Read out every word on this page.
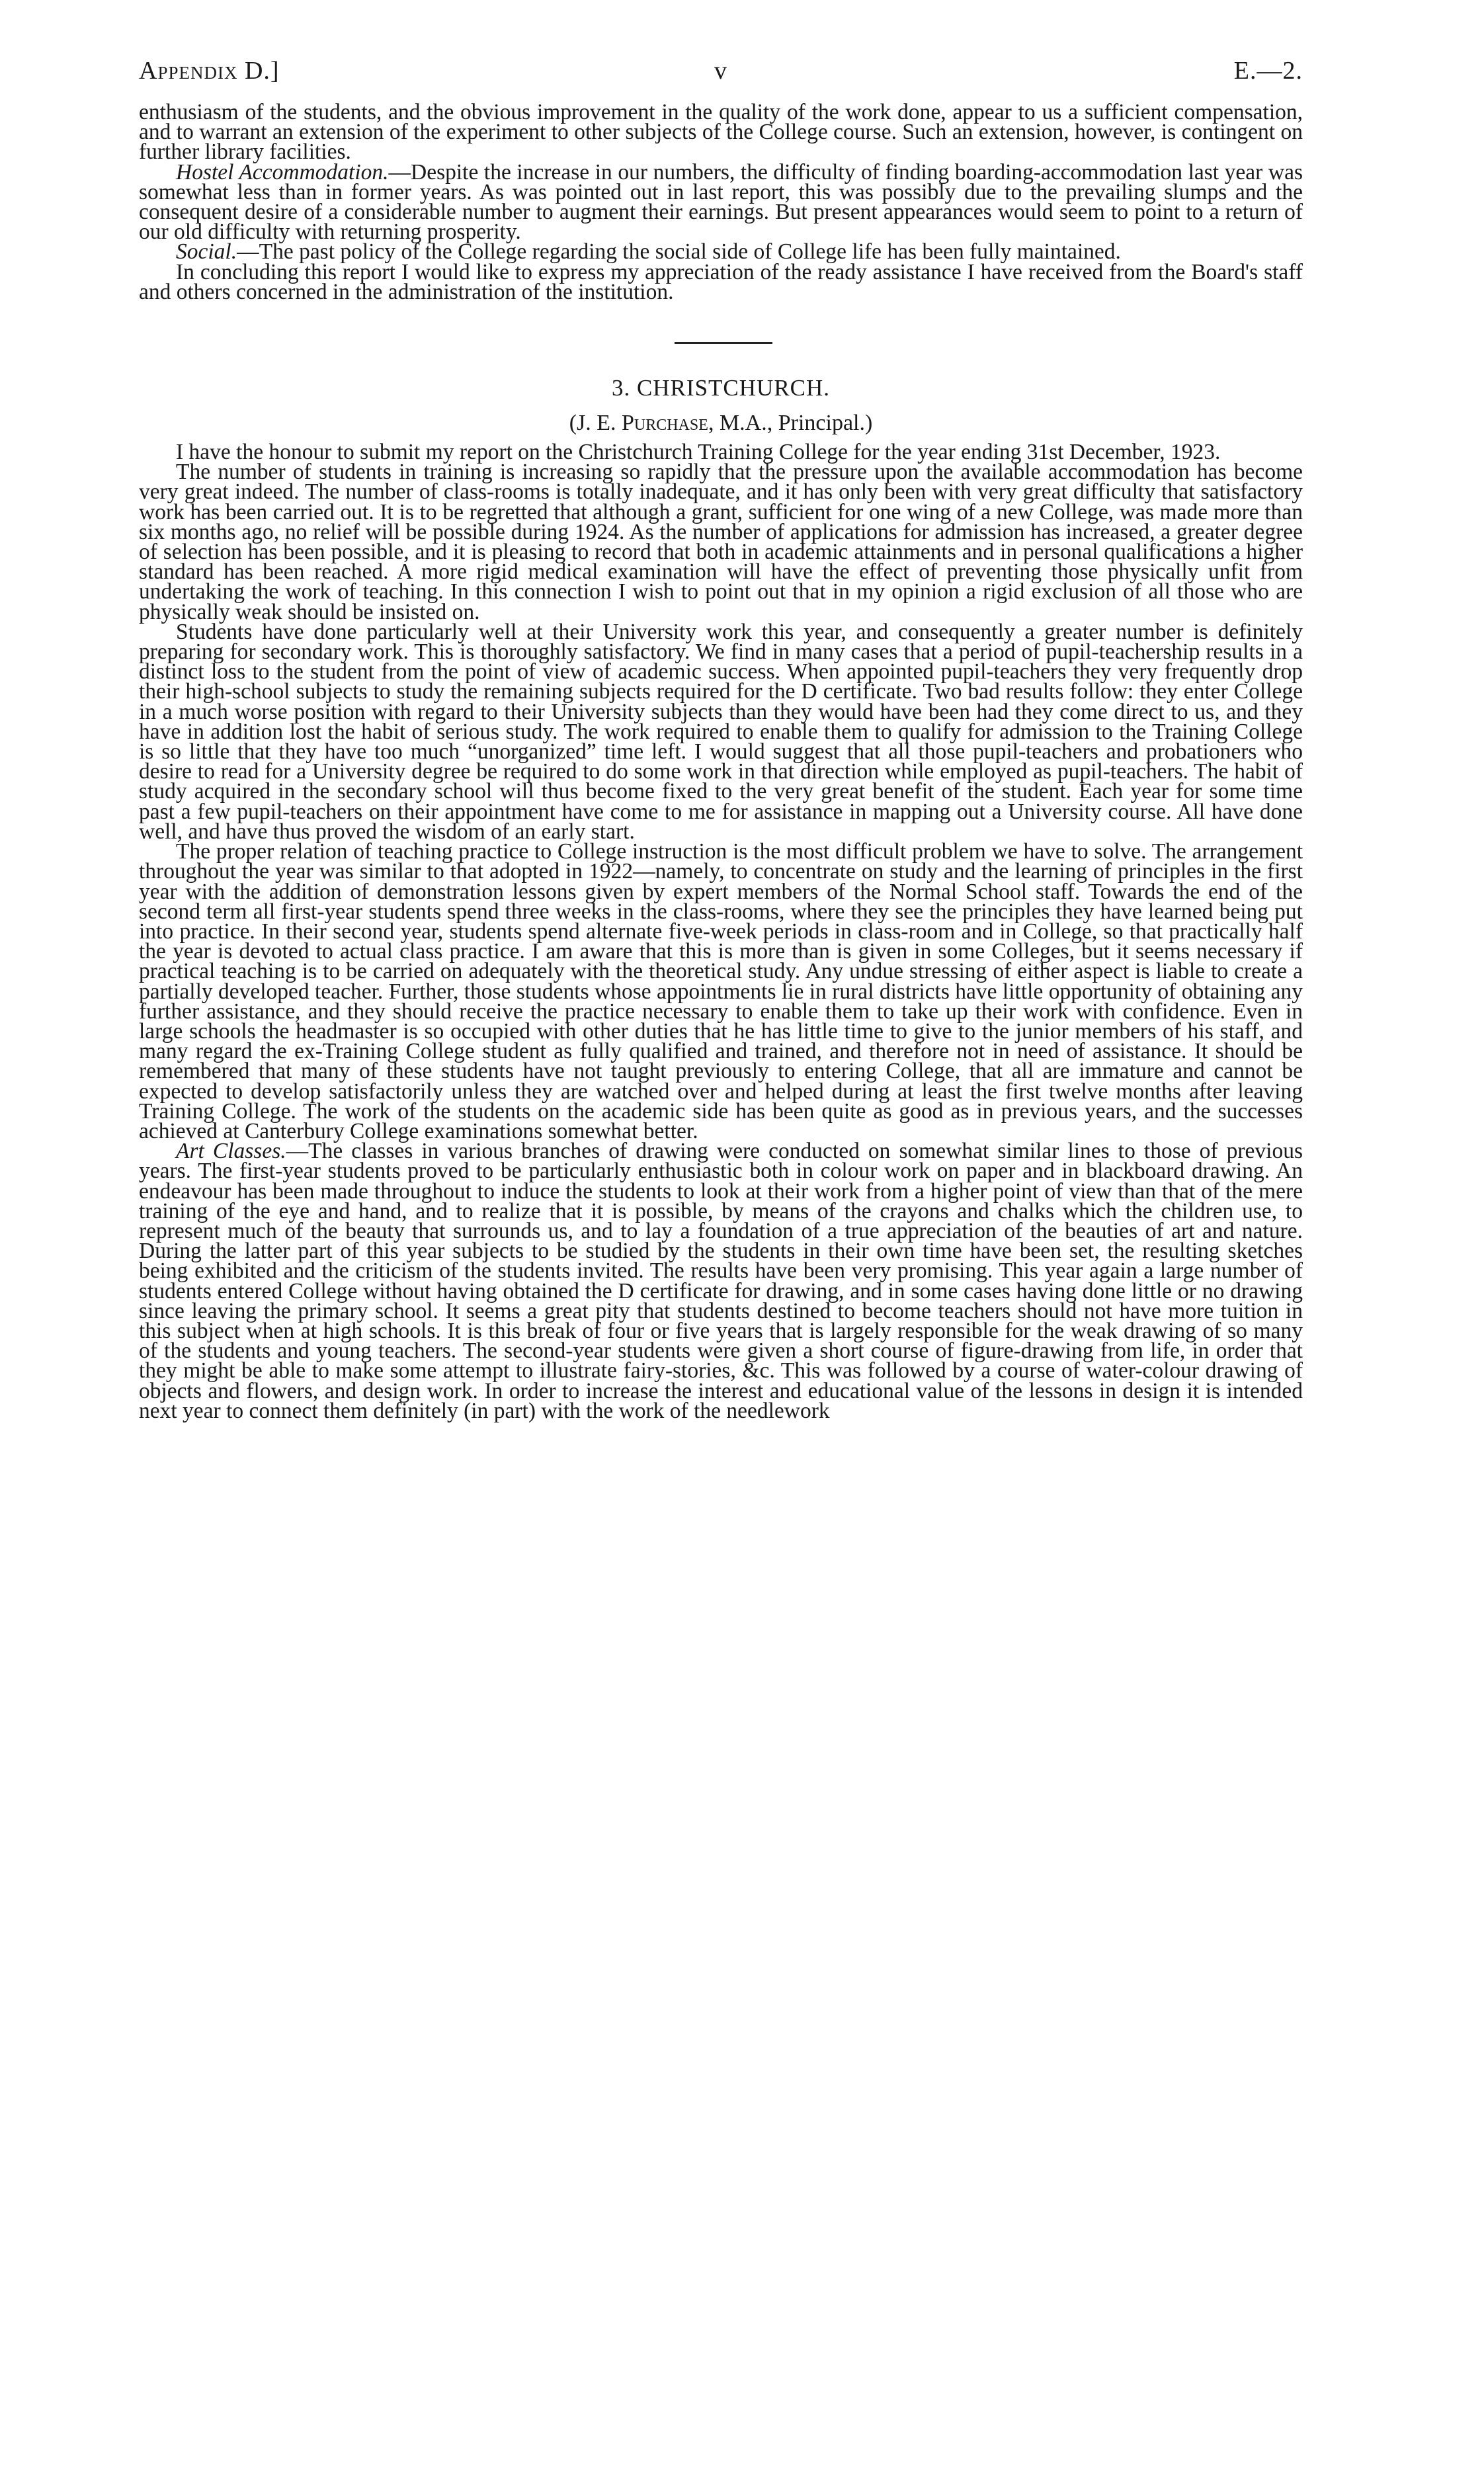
Appendix D.]	v	E.—2.

enthusiasm of the students, and the obvious improvement in the quality of the work done, appear to us a sufficient compensation, and to warrant an extension of the experiment to other subjects of the College course. Such an extension, however, is contingent on further library facilities.

Hostel Accommodation.—Despite the increase in our numbers, the difficulty of finding boarding-accommodation last year was somewhat less than in former years. As was pointed out in last report, this was possibly due to the prevailing slumps and the consequent desire of a considerable number to augment their earnings. But present appearances would seem to point to a return of our old difficulty with returning prosperity.

Social.—The past policy of the College regarding the social side of College life has been fully maintained.

In concluding this report I would like to express my appreciation of the ready assistance I have received from the Board's staff and others concerned in the administration of the institution.

3. CHRISTCHURCH.

(J. E. Purchase, M.A., Principal.)

I have the honour to submit my report on the Christchurch Training College for the year ending 31st December, 1923.

The number of students in training is increasing so rapidly that the pressure upon the available accommodation has become very great indeed. The number of class-rooms is totally inadequate, and it has only been with very great difficulty that satisfactory work has been carried out. It is to be regretted that although a grant, sufficient for one wing of a new College, was made more than six months ago, no relief will be possible during 1924. As the number of applications for admission has increased, a greater degree of selection has been possible, and it is pleasing to record that both in academic attainments and in personal qualifications a higher standard has been reached. A more rigid medical examination will have the effect of preventing those physically unfit from undertaking the work of teaching. In this connection I wish to point out that in my opinion a rigid exclusion of all those who are physically weak should be insisted on.

Students have done particularly well at their University work this year, and consequently a greater number is definitely preparing for secondary work. This is thoroughly satisfactory. We find in many cases that a period of pupil-teachership results in a distinct loss to the student from the point of view of academic success. When appointed pupil-teachers they very frequently drop their high-school subjects to study the remaining subjects required for the D certificate. Two bad results follow: they enter College in a much worse position with regard to their University subjects than they would have been had they come direct to us, and they have in addition lost the habit of serious study. The work required to enable them to qualify for admission to the Training College is so little that they have too much “unorganized” time left. I would suggest that all those pupil-teachers and probationers who desire to read for a University degree be required to do some work in that direction while employed as pupil-teachers. The habit of study acquired in the secondary school will thus become fixed to the very great benefit of the student. Each year for some time past a few pupil-teachers on their appointment have come to me for assistance in mapping out a University course. All have done well, and have thus proved the wisdom of an early start.

The proper relation of teaching practice to College instruction is the most difficult problem we have to solve. The arrangement throughout the year was similar to that adopted in 1922—namely, to concentrate on study and the learning of principles in the first year with the addition of demonstration lessons given by expert members of the Normal School staff. Towards the end of the second term all first-year students spend three weeks in the class-rooms, where they see the principles they have learned being put into practice. In their second year, students spend alternate five-week periods in class-room and in College, so that practically half the year is devoted to actual class practice. I am aware that this is more than is given in some Colleges, but it seems necessary if practical teaching is to be carried on adequately with the theoretical study. Any undue stressing of either aspect is liable to create a partially developed teacher. Further, those students whose appointments lie in rural districts have little opportunity of obtaining any further assistance, and they should receive the practice necessary to enable them to take up their work with confidence. Even in large schools the headmaster is so occupied with other duties that he has little time to give to the junior members of his staff, and many regard the ex-Training College student as fully qualified and trained, and therefore not in need of assistance. It should be remembered that many of these students have not taught previously to entering College, that all are immature and cannot be expected to develop satisfactorily unless they are watched over and helped during at least the first twelve months after leaving Training College. The work of the students on the academic side has been quite as good as in previous years, and the successes achieved at Canterbury College examinations somewhat better.

Art Classes.—The classes in various branches of drawing were conducted on somewhat similar lines to those of previous years. The first-year students proved to be particularly enthusiastic both in colour work on paper and in blackboard drawing. An endeavour has been made throughout to induce the students to look at their work from a higher point of view than that of the mere training of the eye and hand, and to realize that it is possible, by means of the crayons and chalks which the children use, to represent much of the beauty that surrounds us, and to lay a foundation of a true appreciation of the beauties of art and nature. During the latter part of this year subjects to be studied by the students in their own time have been set, the resulting sketches being exhibited and the criticism of the students invited. The results have been very promising. This year again a large number of students entered College without having obtained the D certificate for drawing, and in some cases having done little or no drawing since leaving the primary school. It seems a great pity that students destined to become teachers should not have more tuition in this subject when at high schools. It is this break of four or five years that is largely responsible for the weak drawing of so many of the students and young teachers. The second-year students were given a short course of figure-drawing from life, in order that they might be able to make some attempt to illustrate fairy-stories, &c. This was followed by a course of water-colour drawing of objects and flowers, and design work. In order to increase the interest and educational value of the lessons in design it is intended next year to connect them definitely (in part) with the work of the needlework
